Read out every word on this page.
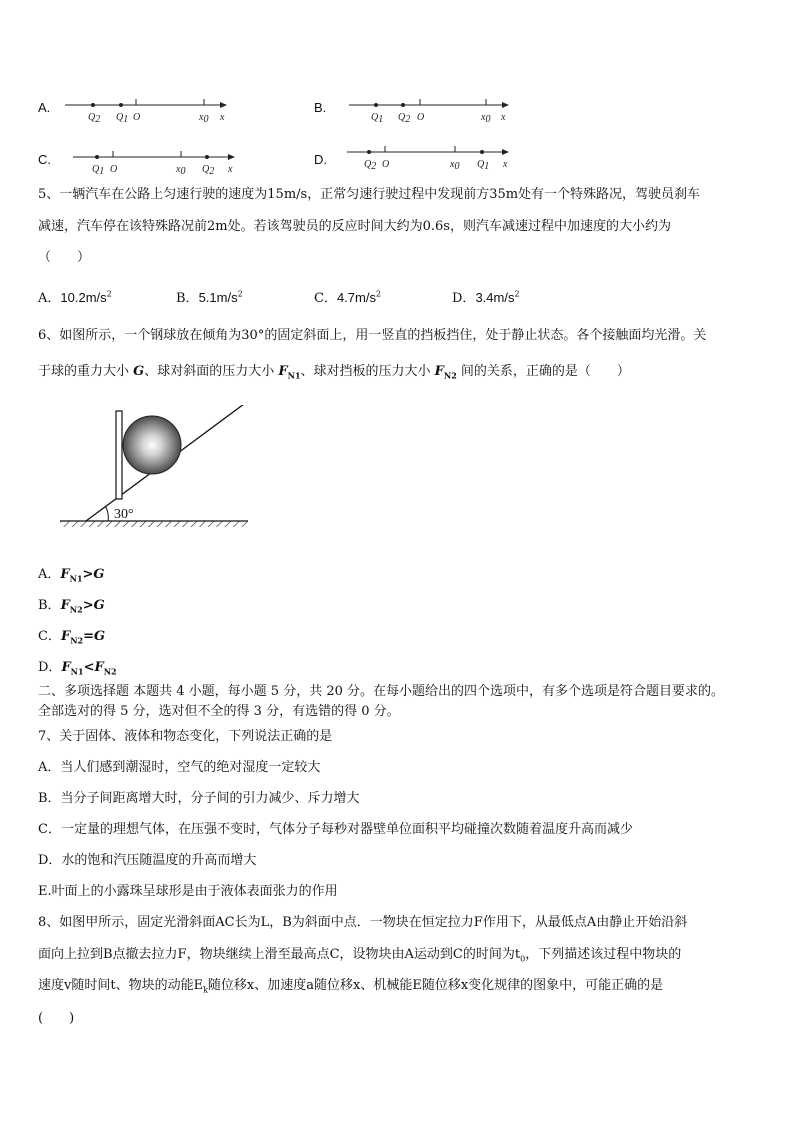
A.
Q2 Q1 O	x0 x
B.
Q1 Q2 O	x0 x
C.
Q1 O	x0 Q2 x
D.	Q2 O	x0 Q1 x
5、一辆汽车在公路上匀速行驶的速度为15m/s，正常匀速行驶过程中发现前方35m处有一个特殊路况，驾驶员刹车
减速，汽车停在该特殊路况前2m处。若该驾驶员的反应时间大约为0.6s，则汽车减速过程中加速度的大小约为
（　　）
A．$10.2m/s^2$	B．$5.1m/s^2$	C．$4.7m/s^2$	D．$3.4m/s^2$
6、如图所示，一个钢球放在倾角为30°的固定斜面上，用一竖直的挡板挡住，处于静止状态。各个接触面均光滑。关
于球的重力大小 G、球对斜面的压力大小 $F_{N1}$、球对挡板的压力大小 $F_{N2}$ 间的关系，正确的是（　　）
30°
A．$F_{N1}>G$
B．$F_{N2}>G$
C．$F_{N2}=G$
D．$F_{N1}<F_{N2}$
二、多项选择题 本题共 4 小题，每小题 5 分，共 20 分。在每小题给出的四个选项中，有多个选项是符合题目要求的。
全部选对的得 5 分，选对但不全的得 3 分，有选错的得 0 分。
7、关于固体、液体和物态变化，下列说法正确的是
A．当人们感到潮湿时，空气的绝对湿度一定较大
B．当分子间距离增大时，分子间的引力减少、斥力增大
C．一定量的理想气体，在压强不变时，气体分子每秒对器壁单位面积平均碰撞次数随着温度升高而减少
D．水的饱和汽压随温度的升高而增大
E.叶面上的小露珠呈球形是由于液体表面张力的作用
8、如图甲所示，固定光滑斜面AC长为L，B为斜面中点．一物块在恒定拉力F作用下，从最低点A由静止开始沿斜
面向上拉到B点撤去拉力F，物块继续上滑至最高点C，设物块由A运动到C的时间为$t_0$，下列描述该过程中物块的
速度v随时间t、物块的动能$E_k$随位移x、加速度a随位移x、机械能E随位移x变化规律的图象中，可能正确的是
(　　)
